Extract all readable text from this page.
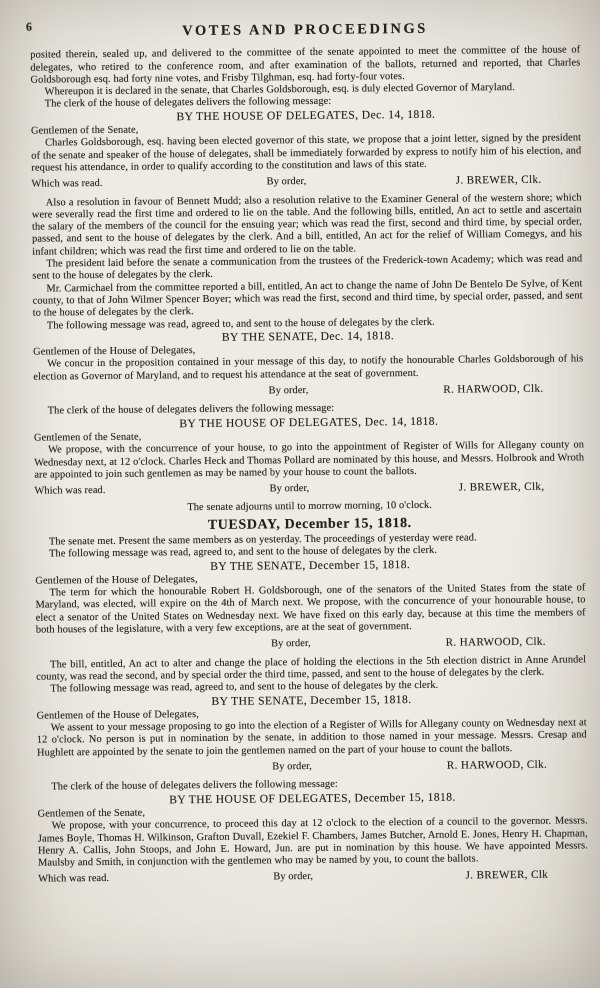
6	VOTES AND PROCEEDINGS

posited therein, sealed up, and delivered to the committee of the senate appointed to meet the committee of the house of delegates, who retired to the conference room, and after examination of the ballots, returned and reported, that Charles Goldsborough esq. had forty nine votes, and Frisby Tilghman, esq. had forty-four votes.

Whereupon it is declared in the senate, that Charles Goldsborough, esq. is duly elected Governor of Maryland.

The clerk of the house of delegates delivers the following message:

BY THE HOUSE OF DELEGATES, Dec. 14, 1818.

Gentlemen of the Senate,

Charles Goldsborough, esq. having been elected governor of this state, we propose that a joint letter, signed by the president of the senate and speaker of the house of delegates, shall be immediately forwarded by express to notify him of his election, and request his attendance, in order to qualify according to the constitution and laws of this state.

Which was read.	By order,	J. BREWER, Clk.

Also a resolution in favour of Bennett Mudd; also a resolution relative to the Examiner General of the western shore; which were severally read the first time and ordered to lie on the table. And the following bills, entitled, An act to settle and ascertain the salary of the members of the council for the ensuing year; which was read the first, second and third time, by special order, passed, and sent to the house of delegates by the clerk. And a bill, entitled, An act for the relief of William Comegys, and his infant children; which was read the first time and ordered to lie on the table.

The president laid before the senate a communication from the trustees of the Frederick-town Academy; which was read and sent to the house of delegates by the clerk.

Mr. Carmichael from the committee reported a bill, entitled, An act to change the name of John De Bentelo De Sylve, of Kent county, to that of John Wilmer Spencer Boyer; which was read the first, second and third time, by special order, passed, and sent to the house of delegates by the clerk.

The following message was read, agreed to, and sent to the house of delegates by the clerk.

BY THE SENATE, Dec. 14, 1818.

Gentlemen of the House of Delegates,

We concur in the proposition contained in your message of this day, to notify the honourable Charles Goldsborough of his election as Governor of Maryland, and to request his attendance at the seat of government.

By order,	R. HARWOOD, Clk.

The clerk of the house of delegates delivers the following message:

BY THE HOUSE OF DELEGATES, Dec. 14, 1818.

Gentlemen of the Senate,

We propose, with the concurrence of your house, to go into the appointment of Register of Wills for Allegany county on Wednesday next, at 12 o'clock. Charles Heck and Thomas Pollard are nominated by this house, and Messrs. Holbrook and Wroth are appointed to join such gentlemen as may be named by your house to count the ballots.

Which was read.	By order,	J. BREWER, Clk,
The senate adjourns until to morrow morning, 10 o'clock.
TUESDAY, December 15, 1818.

The senate met. Present the same members as on yesterday. The proceedings of yesterday were read.

The following message was read, agreed to, and sent to the house of delegates by the clerk.

BY THE SENATE, December 15, 1818.

Gentlemen of the House of Delegates,

The term for which the honourable Robert H. Goldsborough, one of the senators of the United States from the state of Maryland, was elected, will expire on the 4th of March next. We propose, with the concurrence of your honourable house, to elect a senator of the United States on Wednesday next. We have fixed on this early day, because at this time the members of both houses of the legislature, with a very few exceptions, are at the seat of government.

By order,	R. HARWOOD, Clk.

The bill, entitled, An act to alter and change the place of holding the elections in the 5th election district in Anne Arundel county, was read the second, and by special order the third time, passed, and sent to the house of delegates by the clerk.

The following message was read, agreed to, and sent to the house of delegates by the clerk.

BY THE SENATE, December 15, 1818.

Gentlemen of the House of Delegates,

We assent to your message proposing to go into the election of a Register of Wills for Allegany county on Wednesday next at 12 o'clock. No person is put in nomination by the senate, in addition to those named in your message. Messrs. Cresap and Hughlett are appointed by the senate to join the gentlemen named on the part of your house to count the ballots.

By order,	R. HARWOOD, Clk.

The clerk of the house of delegates delivers the following message:

BY THE HOUSE OF DELEGATES, December 15, 1818.

Gentlemen of the Senate,

We propose, with your concurrence, to proceed this day at 12 o'clock to the election of a council to the governor. Messrs. James Boyle, Thomas H. Wilkinson, Grafton Duvall, Ezekiel F. Chambers, James Butcher, Arnold E. Jones, Henry H. Chapman, Henry A. Callis, John Stoops, and John E. Howard, Jun. are put in nomination by this house. We have appointed Messrs. Maulsby and Smith, in conjunction with the gentlemen who may be named by you, to count the ballots.

Which was read.	By order,	J. BREWER, Clk
